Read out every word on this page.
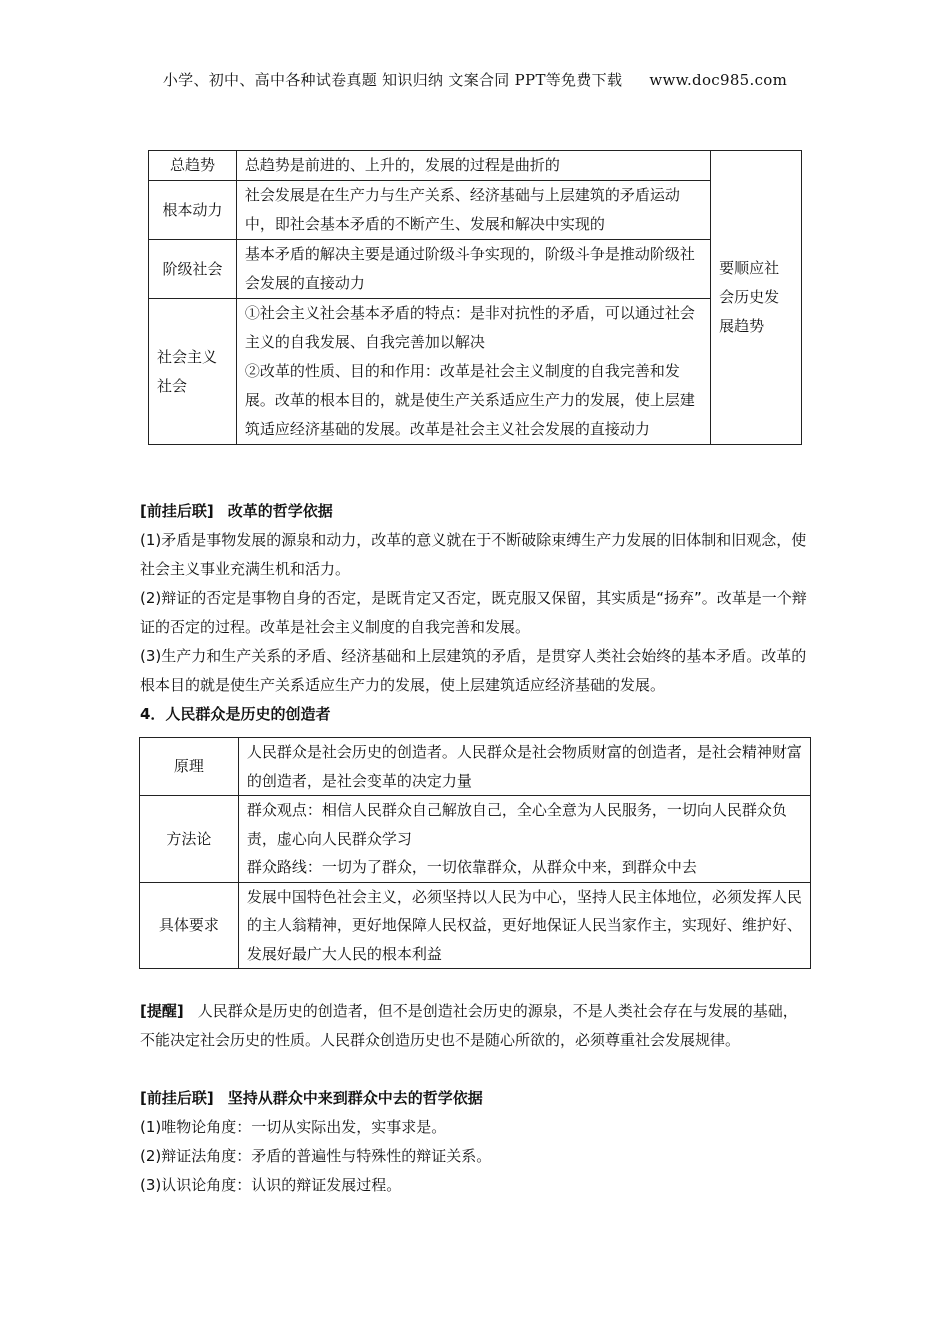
小学、初中、高中各种试卷真题 知识归纳 文案合同 PPT等免费下载 www.doc985.com
总趋势	总趋势是前进的、上升的，发展的过程是曲折的	要顺应社会历史发展趋势
根本动力	社会发展是在生产力与生产关系、经济基础与上层建筑的矛盾运动中，即社会基本矛盾的不断产生、发展和解决中实现的	
阶级社会	基本矛盾的解决主要是通过阶级斗争实现的，阶级斗争是推动阶级社会发展的直接动力	
社会主义社会	①社会主义社会基本矛盾的特点：是非对抗性的矛盾，可以通过社会主义的自我发展、自我完善加以解决
②改革的性质、目的和作用：改革是社会主义制度的自我完善和发展。改革的根本目的，就是使生产关系适应生产力的发展，使上层建筑适应经济基础的发展。改革是社会主义社会发展的直接动力	
[前挂后联] 改革的哲学依据
(1)矛盾是事物发展的源泉和动力，改革的意义就在于不断破除束缚生产力发展的旧体制和旧观念，使社会主义事业充满生机和活力。
(2)辩证的否定是事物自身的否定，是既肯定又否定，既克服又保留，其实质是“扬弃”。改革是一个辩证的否定的过程。改革是社会主义制度的自我完善和发展。
(3)生产力和生产关系的矛盾、经济基础和上层建筑的矛盾，是贯穿人类社会始终的基本矛盾。改革的根本目的就是使生产关系适应生产力的发展，使上层建筑适应经济基础的发展。
4．人民群众是历史的创造者
原理	人民群众是社会历史的创造者。人民群众是社会物质财富的创造者，是社会精神财富的创造者，是社会变革的决定力量
方法论	群众观点：相信人民群众自己解放自己，全心全意为人民服务，一切向人民群众负责，虚心向人民群众学习
群众路线：一切为了群众，一切依靠群众，从群众中来，到群众中去

具体要求	发展中国特色社会主义，必须坚持以人民为中心，坚持人民主体地位，必须发挥人民的主人翁精神，更好地保障人民权益，更好地保证人民当家作主，实现好、维护好、发展好最广大人民的根本利益
[提醒] 人民群众是历史的创造者，但不是创造社会历史的源泉，不是人类社会存在与发展的基础，不能决定社会历史的性质。人民群众创造历史也不是随心所欲的，必须尊重社会发展规律。
[前挂后联] 坚持从群众中来到群众中去的哲学依据
(1)唯物论角度：一切从实际出发，实事求是。
(2)辩证法角度：矛盾的普遍性与特殊性的辩证关系。
(3)认识论角度：认识的辩证发展过程。
